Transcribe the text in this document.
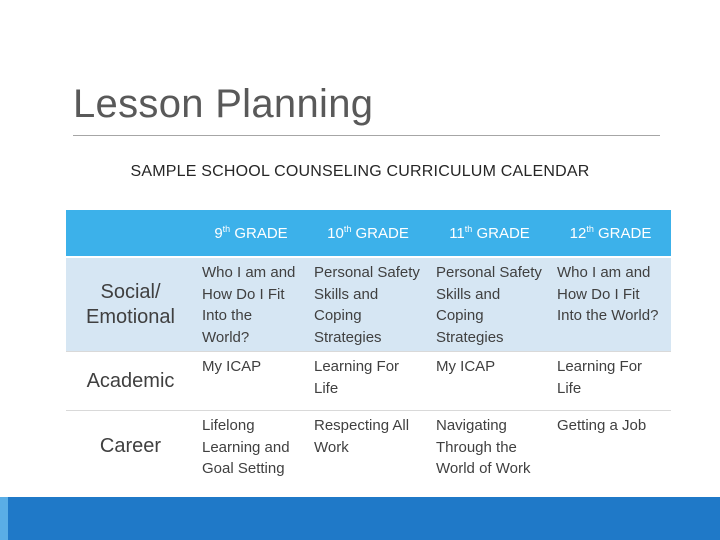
Lesson Planning
SAMPLE SCHOOL COUNSELING CURRICULUM CALENDAR
	9th GRADE	10th GRADE	11th GRADE	12th GRADE
Social/ Emotional	Who I am and How Do I Fit Into the World?	Personal Safety Skills and Coping Strategies	Personal Safety Skills and Coping Strategies	Who I am and How Do I Fit Into the World?
Academic	My ICAP	Learning For Life	My ICAP	Learning For Life
Career	Lifelong Learning and Goal Setting	Respecting All Work	Navigating Through the World of Work	Getting a Job
